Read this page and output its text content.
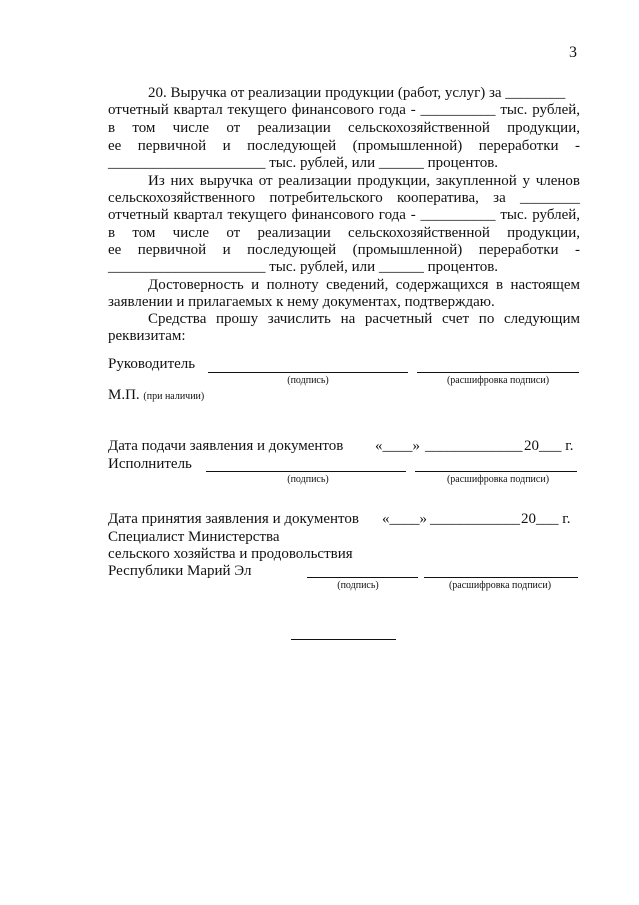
3
20. Выручка от реализации продукции (работ, услуг) за ________
отчетный квартал текущего финансового года - __________ тыс. рублей,
в том числе от реализации сельскохозяйственной продукции,
ее первичной и последующей (промышленной) переработки -
_____________________ тыс. рублей, или ______ процентов.
Из них выручка от реализации продукции, закупленной у членов
сельскохозяйственного потребительского кооператива, за ________
отчетный квартал текущего финансового года - __________ тыс. рублей,
в том числе от реализации сельскохозяйственной продукции,
ее первичной и последующей (промышленной) переработки -
_____________________ тыс. рублей, или ______ процентов.
Достоверность и полноту сведений, содержащихся в настоящем
заявлении и прилагаемых к нему документах, подтверждаю.
Средства прошу зачислить на расчетный счет по следующим
реквизитам:
Руководитель
(подпись)	(расшифровка подписи)
М.П. (при наличии)
Дата подачи заявления и документов «____» _____________ 20___ г.
Исполнитель
(подпись)	(расшифровка подписи)
Дата принятия заявления и документов «____» ____________ 20___ г.
Специалист Министерства
сельского хозяйства и продовольствия
Республики Марий Эл
(подпись)	(расшифровка подписи)
